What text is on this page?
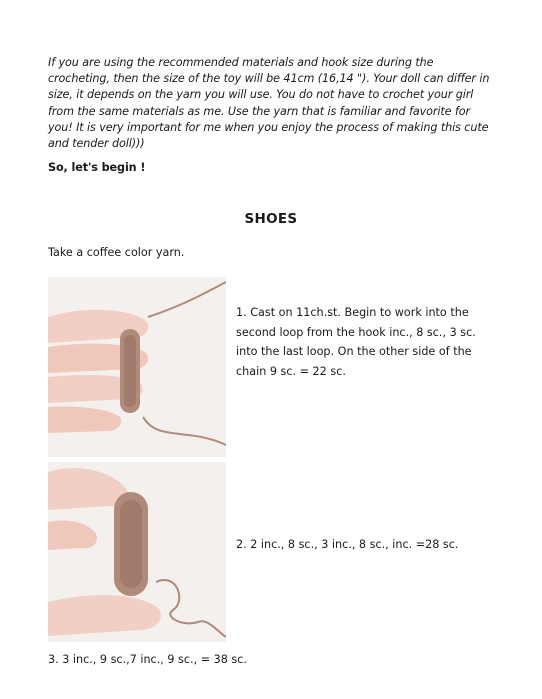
If you are using the recommended materials and hook size during the crocheting, then the size of the toy will be 41cm (16,14 "). Your doll can differ in size, it depends on the yarn you will use. You do not have to crochet your girl from the same materials as me. Use the yarn that is familiar and favorite for you! It is very important for me when you enjoy the process of making this cute and tender doll)))

So, let's begin !

SHOES

Take a coffee color yarn.

1. Cast on 11ch.st. Begin to work into the second loop from the hook inc., 8 sc., 3 sc. into the last loop. On the other side of the chain 9 sc. = 22 sc.

2. 2 inc., 8 sc., 3 inc., 8 sc., inc. =28 sc.

3. 3 inc., 9 sc.,7 inc., 9 sc., = 38 sc.
